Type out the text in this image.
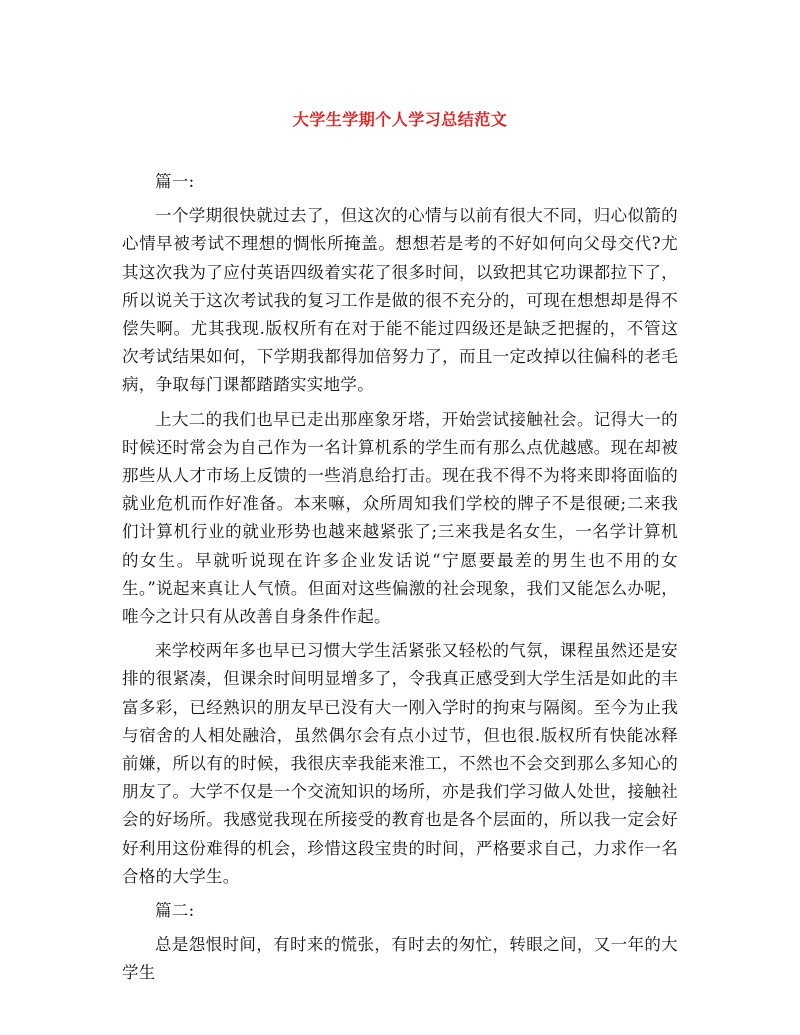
大学生学期个人学习总结范文
篇一:
一个学期很快就过去了，但这次的心情与以前有很大不同，归心似箭的心情早被考试不理想的惆怅所掩盖。想想若是考的不好如何向父母交代?尤其这次我为了应付英语四级着实花了很多时间，以致把其它功课都拉下了，所以说关于这次考试我的复习工作是做的很不充分的，可现在想想却是得不偿失啊。尤其我现.版权所有在对于能不能过四级还是缺乏把握的，不管这次考试结果如何，下学期我都得加倍努力了，而且一定改掉以往偏科的老毛病，争取每门课都踏踏实实地学。
上大二的我们也早已走出那座象牙塔，开始尝试接触社会。记得大一的时候还时常会为自己作为一名计算机系的学生而有那么点优越感。现在却被那些从人才市场上反馈的一些消息给打击。现在我不得不为将来即将面临的就业危机而作好准备。本来嘛，众所周知我们学校的牌子不是很硬;二来我们计算机行业的就业形势也越来越紧张了;三来我是名女生，一名学计算机的女生。早就听说现在许多企业发话说“宁愿要最差的男生也不用的女生。”说起来真让人气愤。但面对这些偏激的社会现象，我们又能怎么办呢，唯今之计只有从改善自身条件作起。
来学校两年多也早已习惯大学生活紧张又轻松的气氛，课程虽然还是安排的很紧凑，但课余时间明显增多了，令我真正感受到大学生活是如此的丰富多彩，已经熟识的朋友早已没有大一刚入学时的拘束与隔阂。至今为止我与宿舍的人相处融洽，虽然偶尔会有点小过节，但也很.版权所有快能冰释前嫌，所以有的时候，我很庆幸我能来淮工，不然也不会交到那么多知心的朋友了。大学不仅是一个交流知识的场所，亦是我们学习做人处世，接触社会的好场所。我感觉我现在所接受的教育也是各个层面的，所以我一定会好好利用这份难得的机会，珍惜这段宝贵的时间，严格要求自己，力求作一名合格的大学生。
篇二:
总是怨恨时间，有时来的慌张，有时去的匆忙，转眼之间，又一年的大学生
